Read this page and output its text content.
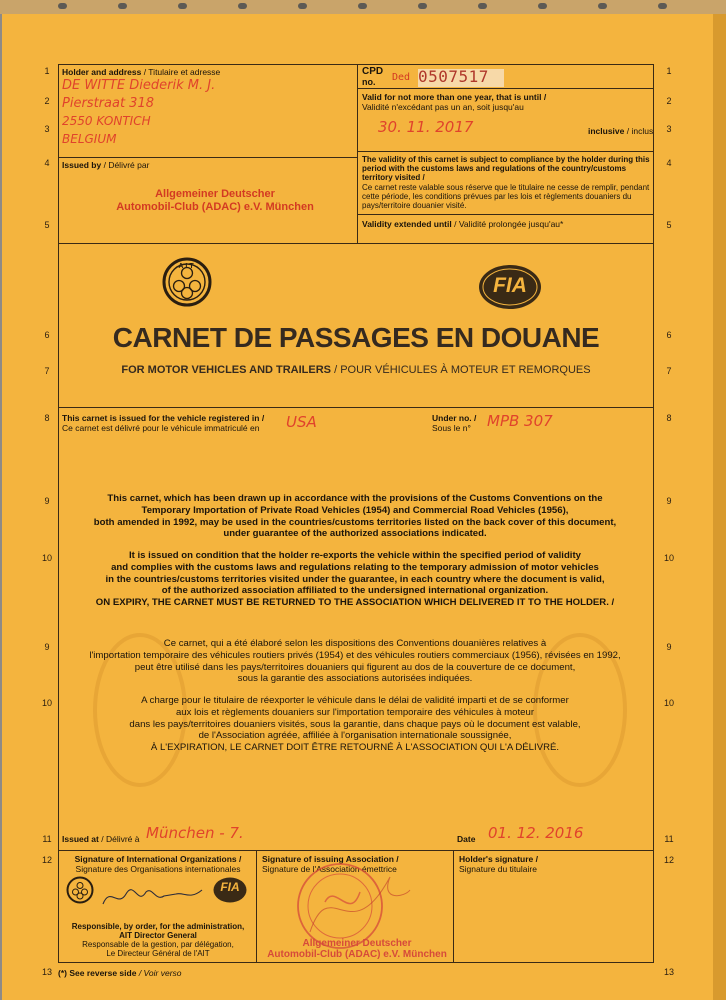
1
2
3
4
5
6
7
8
9
10
9
10
11
12
13
1
2
3
4
5
6
7
8
9
10
9
10
11
12
13
Holder and address / Titulaire et adresse
DE WITTE Diederik M. J.
Pierstraat 318
2550 KONTICH
BELGIUM
Issued by / Délivré par
Allgemeiner Deutscher
Automobil-Club (ADAC) e.V. München
CPD
no. Ded 0507517
Valid for not more than one year, that is until /
Validité n'excédant pas un an, soit jusqu'au
30. 11. 2017	inclusive / inclus
The validity of this carnet is subject to compliance by the holder during this period with the customs laws and regulations of the country/customs territory visited /
Ce carnet reste valable sous réserve que le titulaire ne cesse de remplir, pendant cette période, les conditions prévues par les lois et règlements douaniers du pays/territoire douanier visité.
Validity extended until / Validité prolongée jusqu'au*
AIT
FIA
CARNET DE PASSAGES EN DOUANE
FOR MOTOR VEHICLES AND TRAILERS / POUR VÉHICULES À MOTEUR ET REMORQUES
This carnet is issued for the vehicle registered in /
Ce carnet est délivré pour le véhicule immatriculé en	USA	Under no. /
Sous le n°	MPB 307
This carnet, which has been drawn up in accordance with the provisions of the Customs Conventions on the
Temporary Importation of Private Road Vehicles (1954) and Commercial Road Vehicles (1956),
both amended in 1992, may be used in the countries/customs territories listed on the back cover of this document,
under guarantee of the authorized associations indicated.
It is issued on condition that the holder re-exports the vehicle within the specified period of validity
and complies with the customs laws and regulations relating to the temporary admission of motor vehicles
in the countries/customs territories visited under the guarantee, in each country where the document is valid,
of the authorized association affiliated to the undersigned international organization.
ON EXPIRY, THE CARNET MUST BE RETURNED TO THE ASSOCIATION WHICH DELIVERED IT TO THE HOLDER. /
Ce carnet, qui a été élaboré selon les dispositions des Conventions douanières relatives à
l'importation temporaire des véhicules routiers privés (1954) et des véhicules routiers commerciaux (1956), révisées en 1992,
peut être utilisé dans les pays/territoires douaniers qui figurent au dos de la couverture de ce document,
sous la garantie des associations autorisées indiquées.
A charge pour le titulaire de réexporter le véhicule dans le délai de validité imparti et de se conformer
aux lois et règlements douaniers sur l'importation temporaire des véhicules à moteur
dans les pays/territoires douaniers visités, sous la garantie, dans chaque pays où le document est valable,
de l'Association agréée, affiliée à l'organisation internationale soussignée,
À L'EXPIRATION, LE CARNET DOIT ÊTRE RETOURNÉ À L'ASSOCIATION QUI L'A DÉLIVRÉ.
Issued at / Délivré à München - 7.	Date 01. 12. 2016
Signature of International Organizations /
Signature des Organisations internationales
FIA
Responsible, by order, for the administration,
AIT Director General
Responsable de la gestion, par délégation,
Le Directeur Général de l'AIT
Signature of issuing Association /
Signature de l'Association émettrice
Allgemeiner Deutscher
Automobil-Club (ADAC) e.V. München
Holder's signature /
Signature du titulaire
(*) See reverse side / Voir verso
